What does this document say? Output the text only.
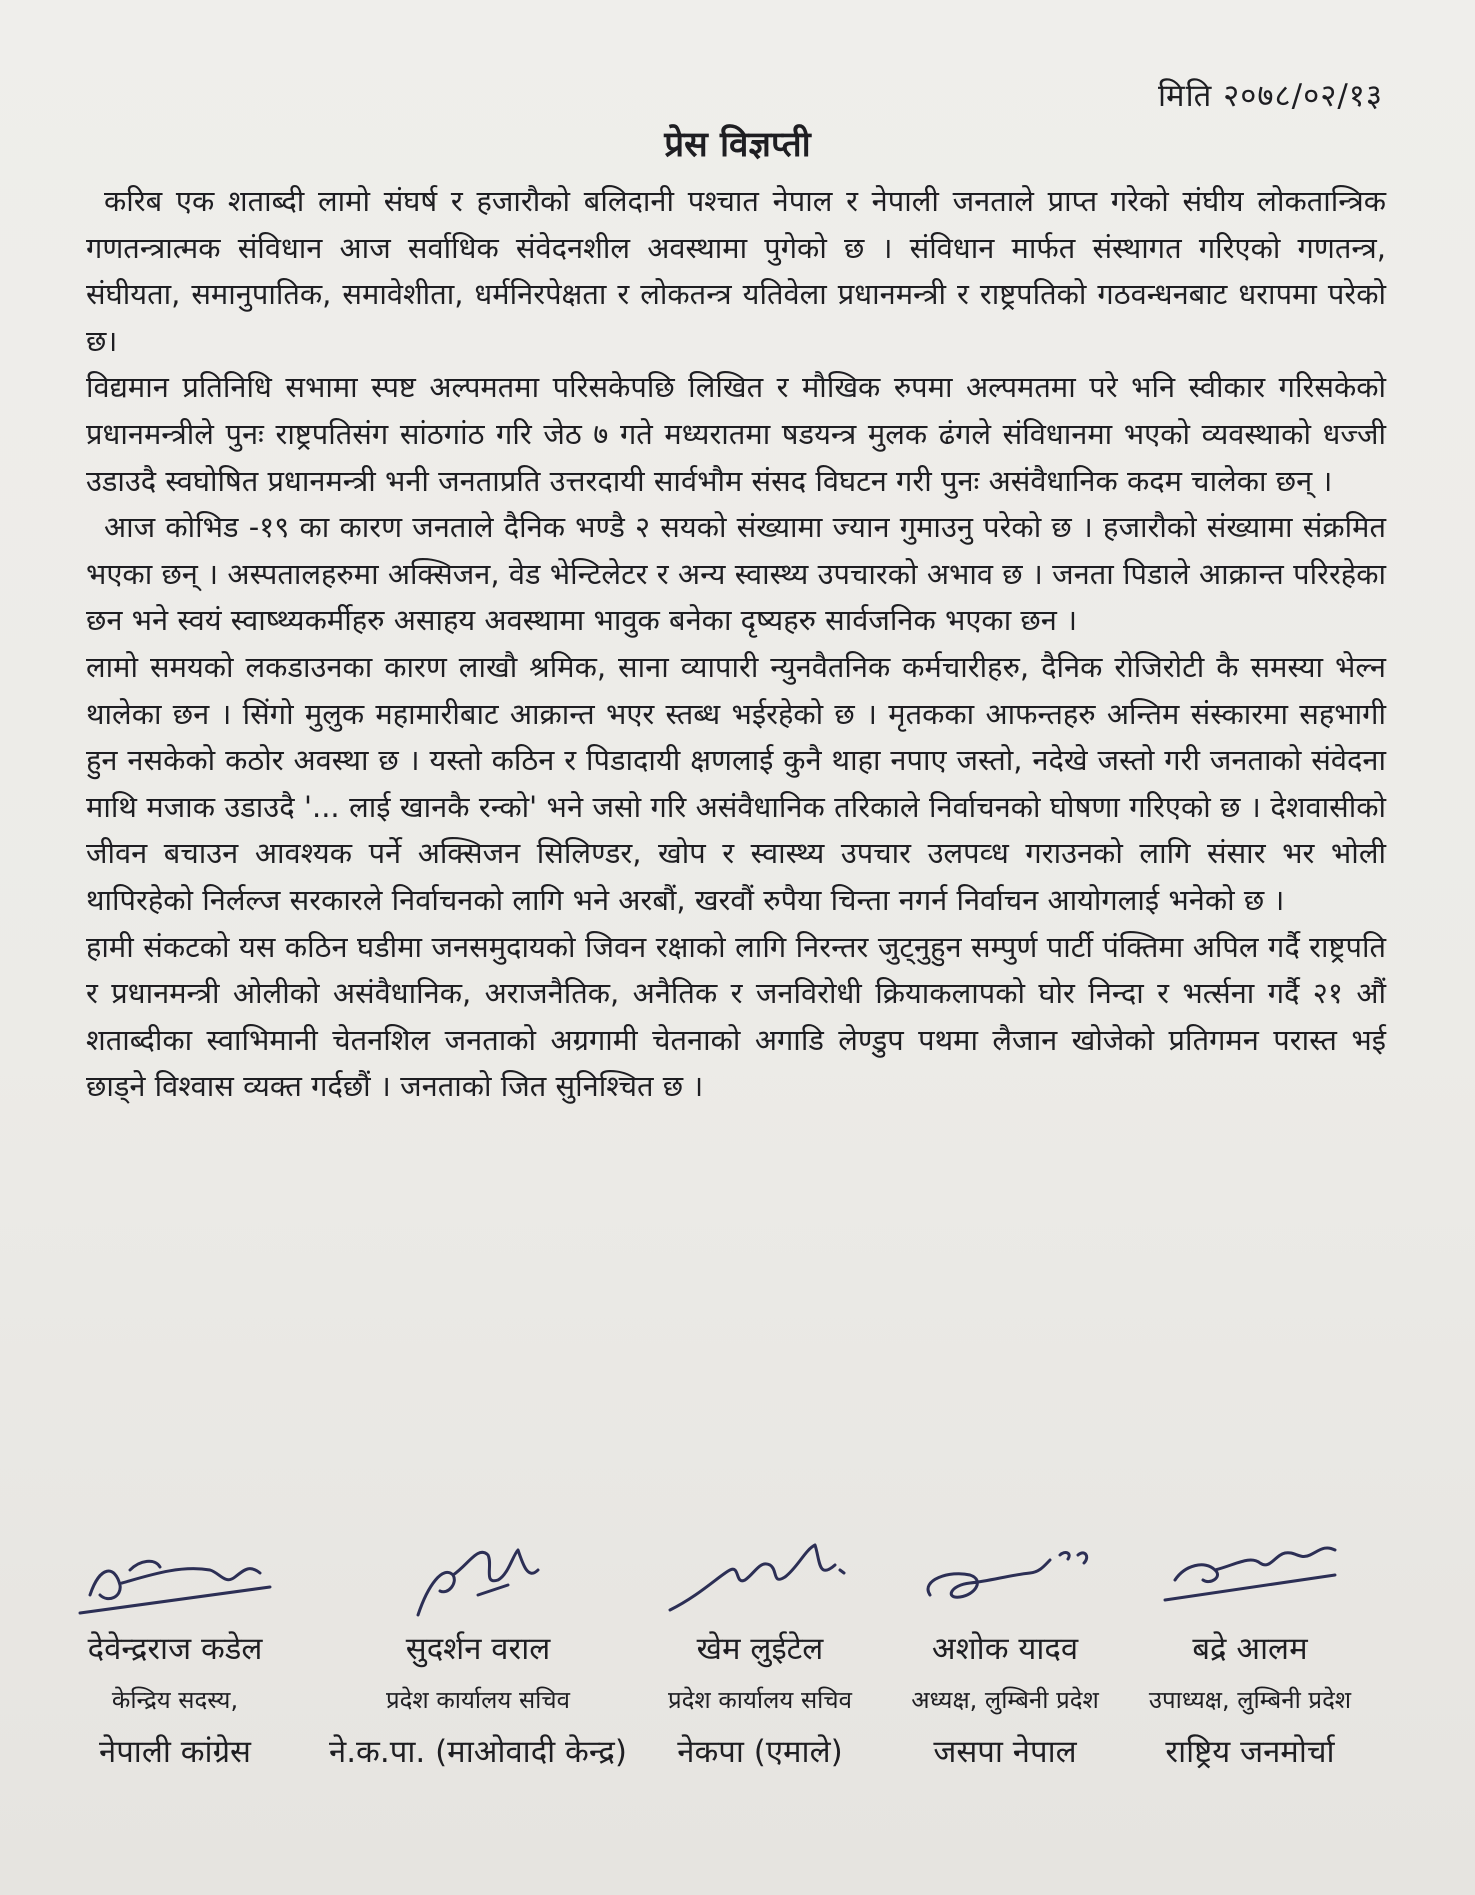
मिति २०७८/०२/१३
प्रेस विज्ञप्ती

करिब एक शताब्दी लामो संघर्ष र हजारौको बलिदानी पश्चात नेपाल र नेपाली जनताले प्राप्त गरेको संघीय लोकतान्त्रिक गणतन्त्रात्मक संविधान आज सर्वाधिक संवेदनशील अवस्थामा पुगेको छ । संविधान मार्फत संस्थागत गरिएको गणतन्त्र, संघीयता, समानुपातिक, समावेशीता, धर्मनिरपेक्षता र लोकतन्त्र यतिवेला प्रधानमन्त्री र राष्ट्रपतिको गठवन्धनबाट धरापमा परेको छ।

विद्यमान प्रतिनिधि सभामा स्पष्ट अल्पमतमा परिसकेपछि लिखित र मौखिक रुपमा अल्पमतमा परे भनि स्वीकार गरिसकेको प्रधानमन्त्रीले पुनः राष्ट्रपतिसंग सांठगांठ गरि जेठ ७ गते मध्यरातमा षडयन्त्र मुलक ढंगले संविधानमा भएको व्यवस्थाको धज्जी उडाउदै स्वघोषित प्रधानमन्त्री भनी जनताप्रति उत्तरदायी सार्वभौम संसद विघटन गरी पुनः असंवैधानिक कदम चालेका छन् ।

आज कोभिड -१९ का कारण जनताले दैनिक भण्डै २ सयको संख्यामा ज्यान गुमाउनु परेको छ । हजारौको संख्यामा संक्रमित भएका छन् । अस्पतालहरुमा अक्सिजन, वेड भेन्टिलेटर र अन्य स्वास्थ्य उपचारको अभाव छ । जनता पिडाले आक्रान्त परिरहेका छन भने स्वयं स्वाष्थ्यकर्मीहरु असाहय अवस्थामा भावुक बनेका दृष्यहरु सार्वजनिक भएका छन ।

लामो समयको लकडाउनका कारण लाखौ श्रमिक, साना व्यापारी न्युनवैतनिक कर्मचारीहरु, दैनिक रोजिरोटी कै समस्या भेल्न थालेका छन । सिंगो मुलुक महामारीबाट आक्रान्त भएर स्तब्ध भईरहेको छ । मृतकका आफन्तहरु अन्तिम संस्कारमा सहभागी हुन नसकेको कठोर अवस्था छ । यस्तो कठिन र पिडादायी क्षणलाई कुनै थाहा नपाए जस्तो, नदेखे जस्तो गरी जनताको संवेदना माथि मजाक उडाउदै '... लाई खानकै रन्को' भने जसो गरि असंवैधानिक तरिकाले निर्वाचनको घोषणा गरिएको छ । देशवासीको जीवन बचाउन आवश्यक पर्ने अक्सिजन सिलिण्डर, खोप र स्वास्थ्य उपचार उलपव्ध गराउनको लागि संसार भर भोली थापिरहेको निर्लल्ज सरकारले निर्वाचनको लागि भने अरबौं, खरवौं रुपैया चिन्ता नगर्न निर्वाचन आयोगलाई भनेको छ ।

हामी संकटको यस कठिन घडीमा जनसमुदायको जिवन रक्षाको लागि निरन्तर जुट्नुहुन सम्पुर्ण पार्टी पंक्तिमा अपिल गर्दै राष्ट्रपति र प्रधानमन्त्री ओलीको असंवैधानिक, अराजनैतिक, अनैतिक र जनविरोधी क्रियाकलापको घोर निन्दा र भर्त्सना गर्दै २१ औं शताब्दीका स्वाभिमानी चेतनशिल जनताको अग्रगामी चेतनाको अगाडि लेण्डुप पथमा लैजान खोजेको प्रतिगमन परास्त भई छाड्ने विश्वास व्यक्त गर्दछौं । जनताको जित सुनिश्चित छ ।

देवेन्द्रराज कडेल
केन्द्रिय सदस्य,
नेपाली कांग्रेस
सुदर्शन वराल
प्रदेश कार्यालय सचिव
ने.क.पा. (माओवादी केन्द्र)
खेम लुईटेल
प्रदेश कार्यालय सचिव
नेकपा (एमाले)
अशोक यादव
अध्यक्ष, लुम्बिनी प्रदेश
जसपा नेपाल
बद्रे आलम
उपाध्यक्ष, लुम्बिनी प्रदेश
राष्ट्रिय जनमोर्चा
